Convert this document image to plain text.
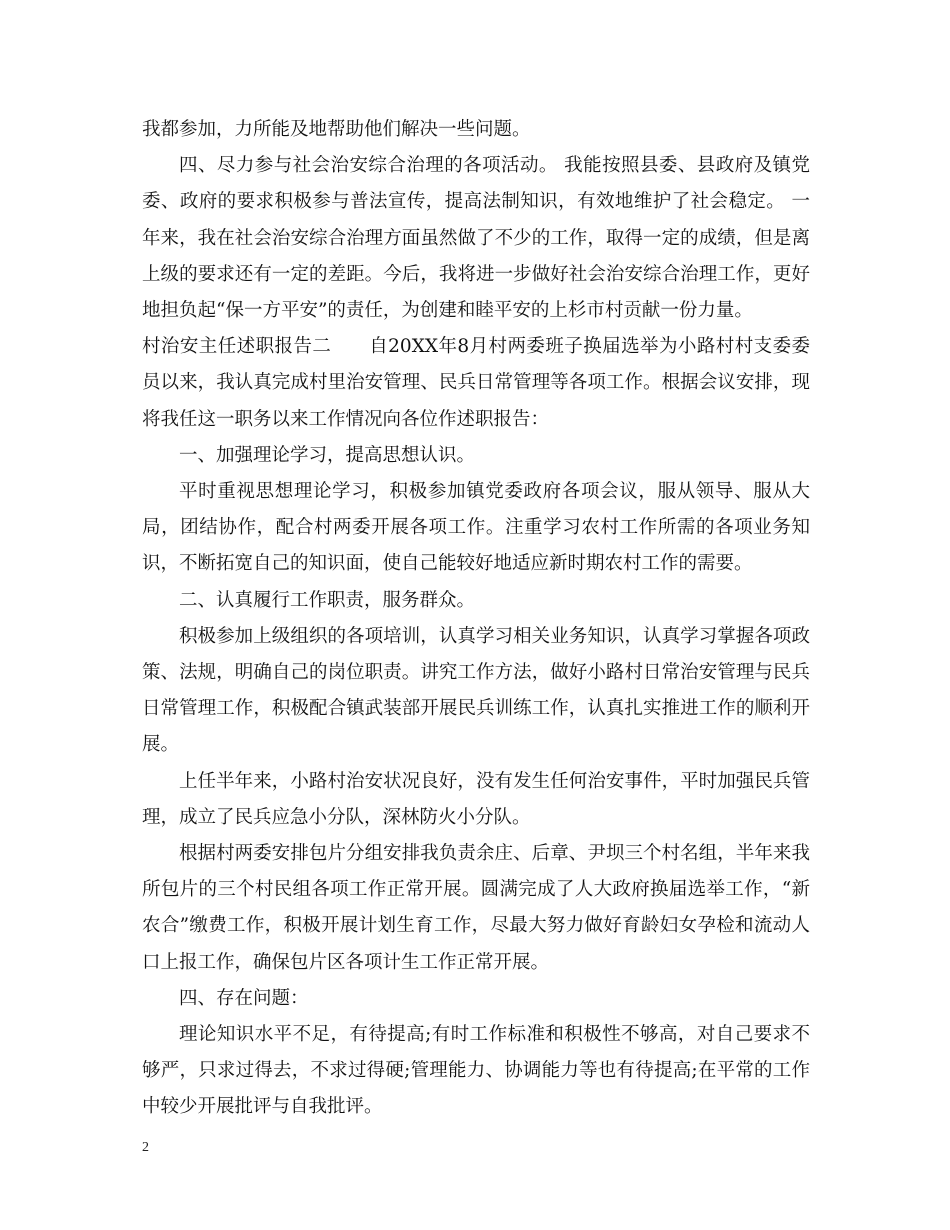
我都参加，力所能及地帮助他们解决一些问题。

四、尽力参与社会治安综合治理的各项活动。 我能按照县委、县政府及镇党委、政府的要求积极参与普法宣传，提高法制知识，有效地维护了社会稳定。 一年来，我在社会治安综合治理方面虽然做了不少的工作，取得一定的成绩，但是离上级的要求还有一定的差距。今后，我将进一步做好社会治安综合治理工作，更好地担负起“保一方平安”的责任，为创建和睦平安的上杉市村贡献一份力量。

村治安主任述职报告二　　自20XX年8月村两委班子换届选举为小路村村支委委员以来，我认真完成村里治安管理、民兵日常管理等各项工作。根据会议安排，现将我任这一职务以来工作情况向各位作述职报告：

一、加强理论学习，提高思想认识。

平时重视思想理论学习，积极参加镇党委政府各项会议，服从领导、服从大局，团结协作，配合村两委开展各项工作。注重学习农村工作所需的各项业务知识，不断拓宽自己的知识面，使自己能较好地适应新时期农村工作的需要。

二、认真履行工作职责，服务群众。

积极参加上级组织的各项培训，认真学习相关业务知识，认真学习掌握各项政策、法规，明确自己的岗位职责。讲究工作方法，做好小路村日常治安管理与民兵日常管理工作，积极配合镇武装部开展民兵训练工作，认真扎实推进工作的顺利开展。

上任半年来，小路村治安状况良好，没有发生任何治安事件，平时加强民兵管理，成立了民兵应急小分队，深林防火小分队。

根据村两委安排包片分组安排我负责余庄、后章、尹坝三个村名组，半年来我所包片的三个村民组各项工作正常开展。圆满完成了人大政府换届选举工作，“新农合”缴费工作，积极开展计划生育工作，尽最大努力做好育龄妇女孕检和流动人口上报工作，确保包片区各项计生工作正常开展。

四、存在问题：

理论知识水平不足，有待提高;有时工作标准和积极性不够高，对自己要求不够严，只求过得去，不求过得硬;管理能力、协调能力等也有待提高;在平常的工作中较少开展批评与自我批评。

2
